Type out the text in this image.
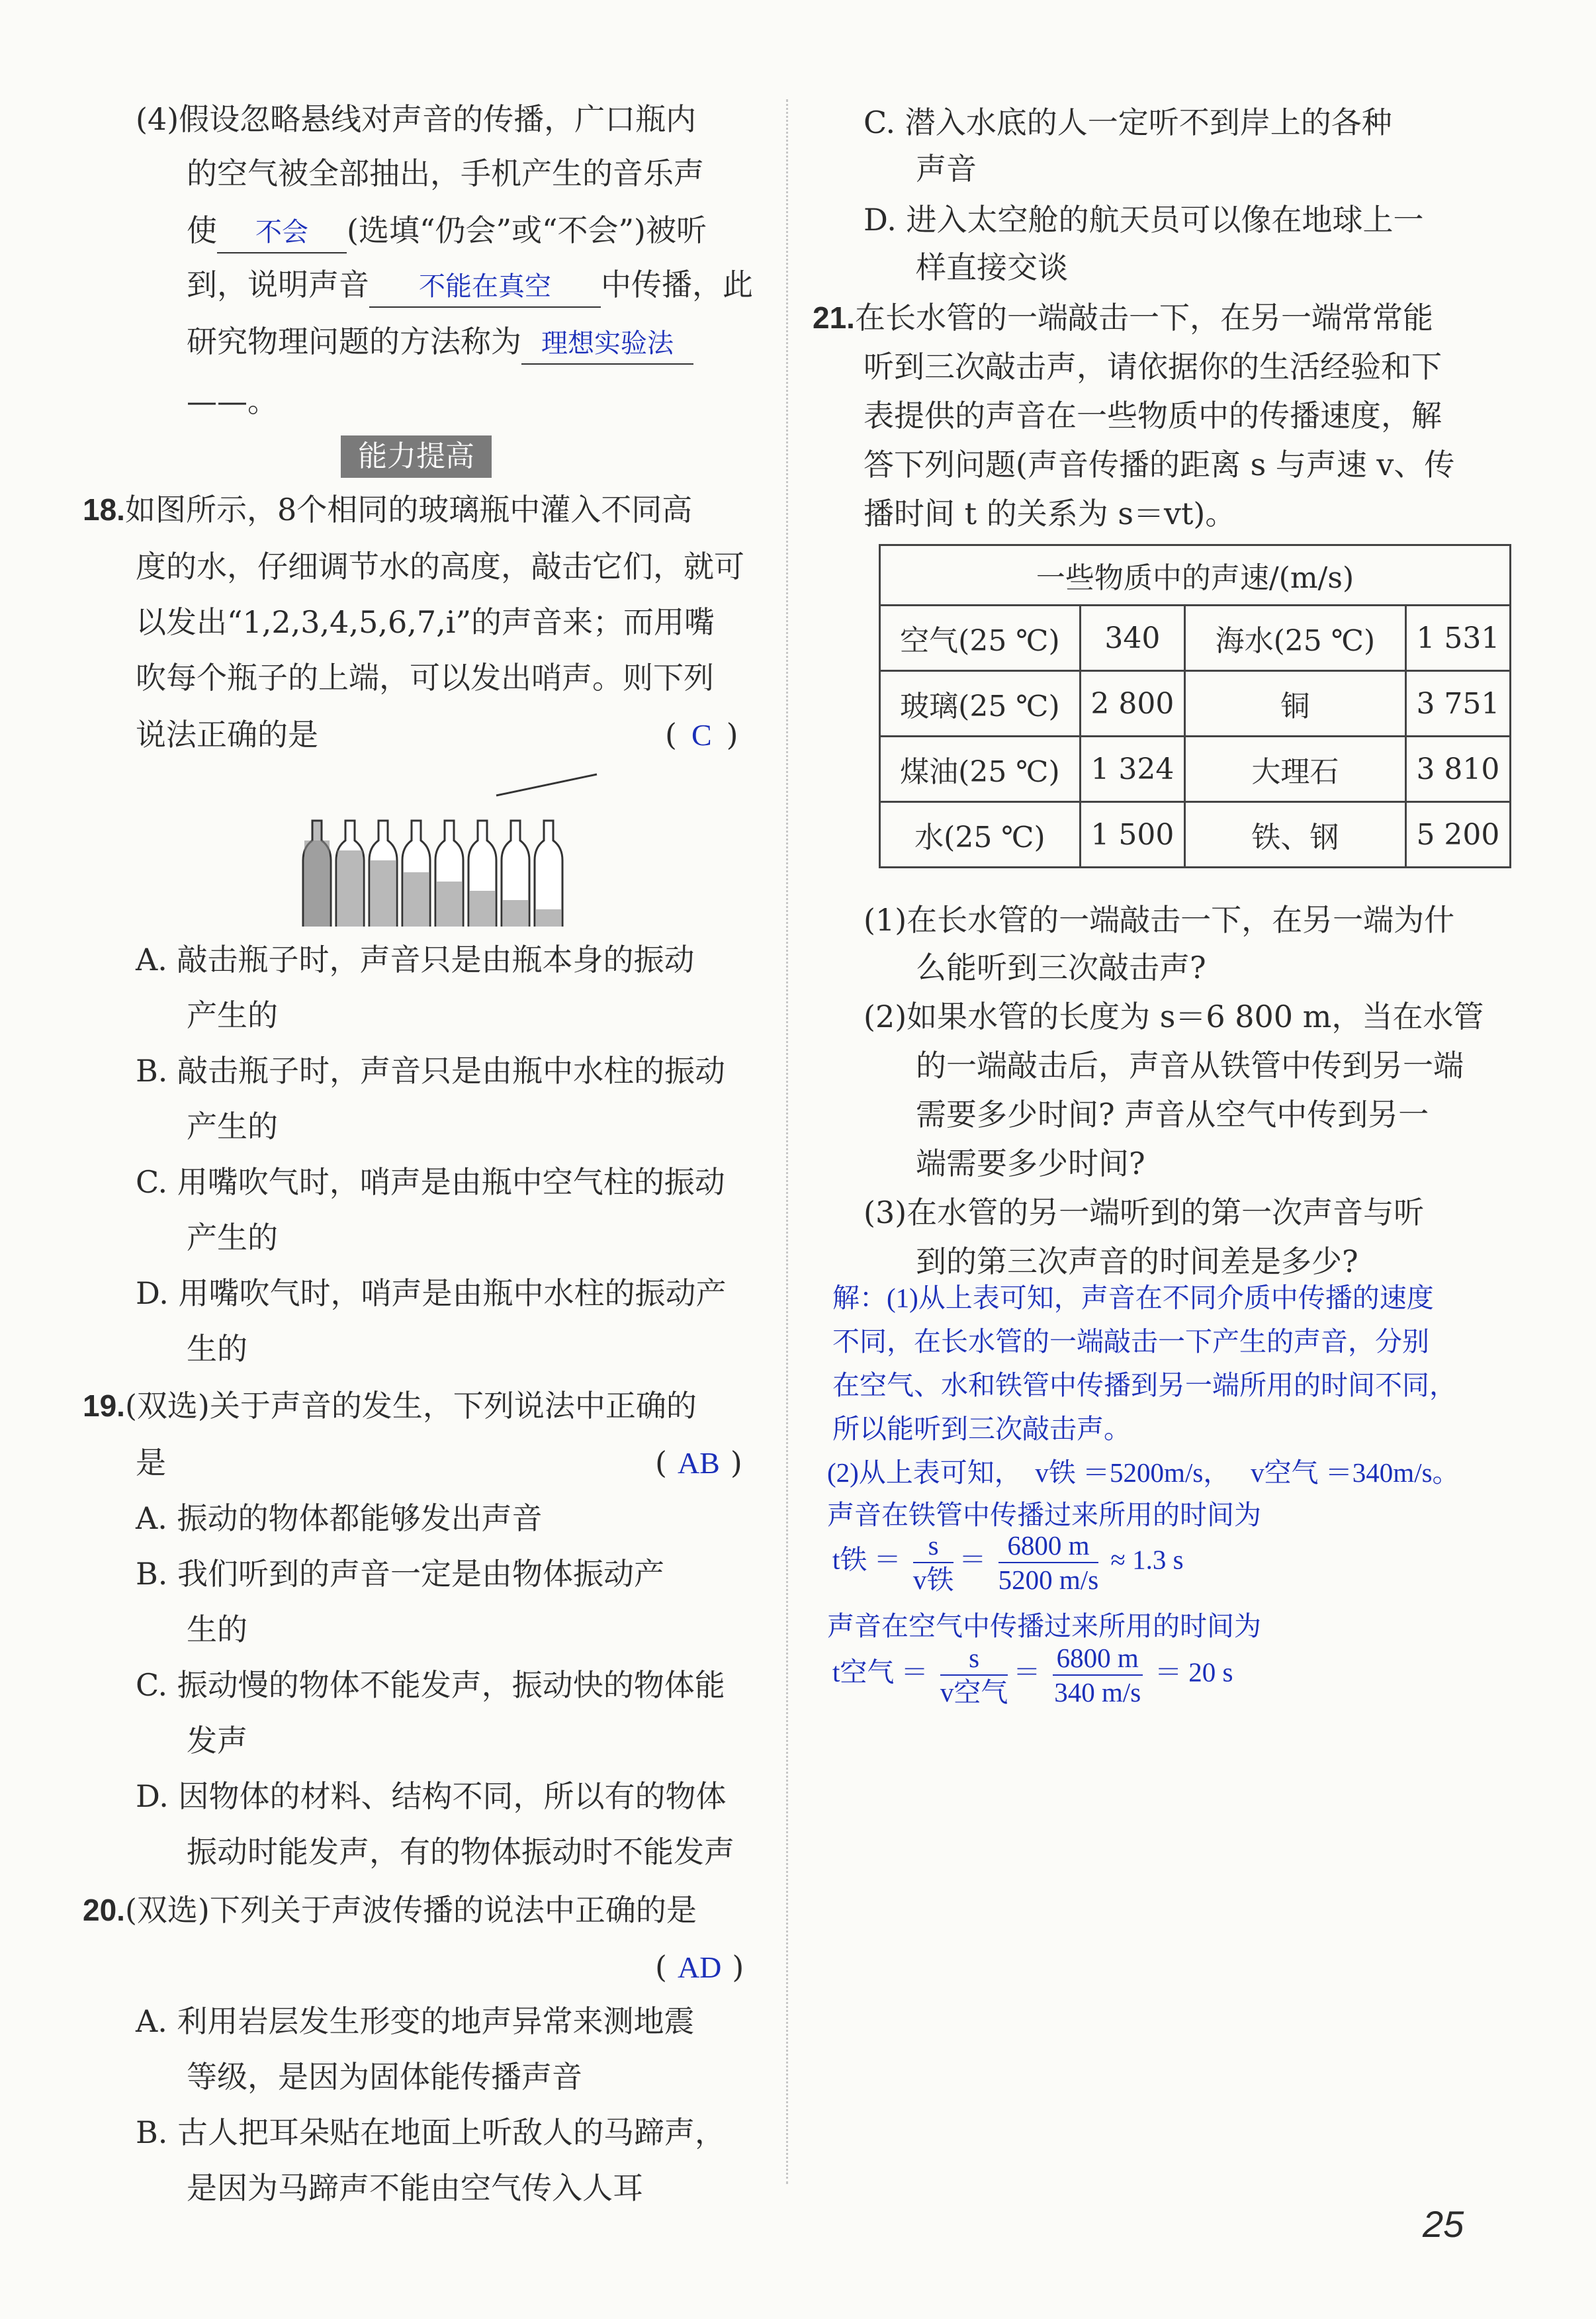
(4)假设忽略悬线对声音的传播，广口瓶内
的空气被全部抽出，手机产生的音乐声
使 不会 (选填“仍会”或“不会”)被听
到，说明声音 不能在真空 中传播，此
研究物理问题的方法称为 理想实验法
——。
能力提高
18.如图所示，8个相同的玻璃瓶中灌入不同高
度的水，仔细调节水的高度，敲击它们，就可
以发出“1,2,3,4,5,6,7,i”的声音来；而用嘴
吹每个瓶子的上端，可以发出哨声。则下列
说法正确的是	( C )
A. 敲击瓶子时，声音只是由瓶本身的振动
产生的
B. 敲击瓶子时，声音只是由瓶中水柱的振动
产生的
C. 用嘴吹气时，哨声是由瓶中空气柱的振动
产生的
D. 用嘴吹气时，哨声是由瓶中水柱的振动产
生的
19.(双选)关于声音的发生，下列说法中正确的
是	( AB )
A. 振动的物体都能够发出声音
B. 我们听到的声音一定是由物体振动产
生的
C. 振动慢的物体不能发声，振动快的物体能
发声
D. 因物体的材料、结构不同，所以有的物体
振动时能发声，有的物体振动时不能发声
20.(双选)下列关于声波传播的说法中正确的是
( AD )
A. 利用岩层发生形变的地声异常来测地震
等级，是因为固体能传播声音
B. 古人把耳朵贴在地面上听敌人的马蹄声，
是因为马蹄声不能由空气传入人耳
C. 潜入水底的人一定听不到岸上的各种
声音
D. 进入太空舱的航天员可以像在地球上一
样直接交谈
21.在长水管的一端敲击一下，在另一端常常能
听到三次敲击声，请依据你的生活经验和下
表提供的声音在一些物质中的传播速度，解
答下列问题(声音传播的距离 s 与声速 v、传
播时间 t 的关系为 s＝vt)。
一些物质中的声速/(m/s)			
空气(25 ℃)	340	海水(25 ℃)	1 531
玻璃(25 ℃)	2 800	铜	3 751
煤油(25 ℃)	1 324	大理石	3 810
水(25 ℃)	1 500	铁、钢	5 200
(1)在长水管的一端敲击一下，在另一端为什
么能听到三次敲击声?
(2)如果水管的长度为 s＝6 800 m，当在水管
的一端敲击后，声音从铁管中传到另一端
需要多少时间? 声音从空气中传到另一
端需要多少时间?
(3)在水管的另一端听到的第一次声音与听
到的第三次声音的时间差是多少?
解：(1)从上表可知，声音在不同介质中传播的速度
不同，在长水管的一端敲击一下产生的声音，分别
在空气、水和铁管中传播到另一端所用的时间不同，
所以能听到三次敲击声。
(2)从上表可知， v铁 ＝5200m/s， v空气 ＝340m/s。
声音在铁管中传播过来所用的时间为
t铁 ＝ $\frac{s}{\text{v铁}} = \frac{6800 m}{5200 m/s} \approx 1.3$ s
声音在空气中传播过来所用的时间为
t空气 ＝ $\frac{s}{\text{v空气}} = \frac{6800 m}{340 m/s} = 20$ s
25
